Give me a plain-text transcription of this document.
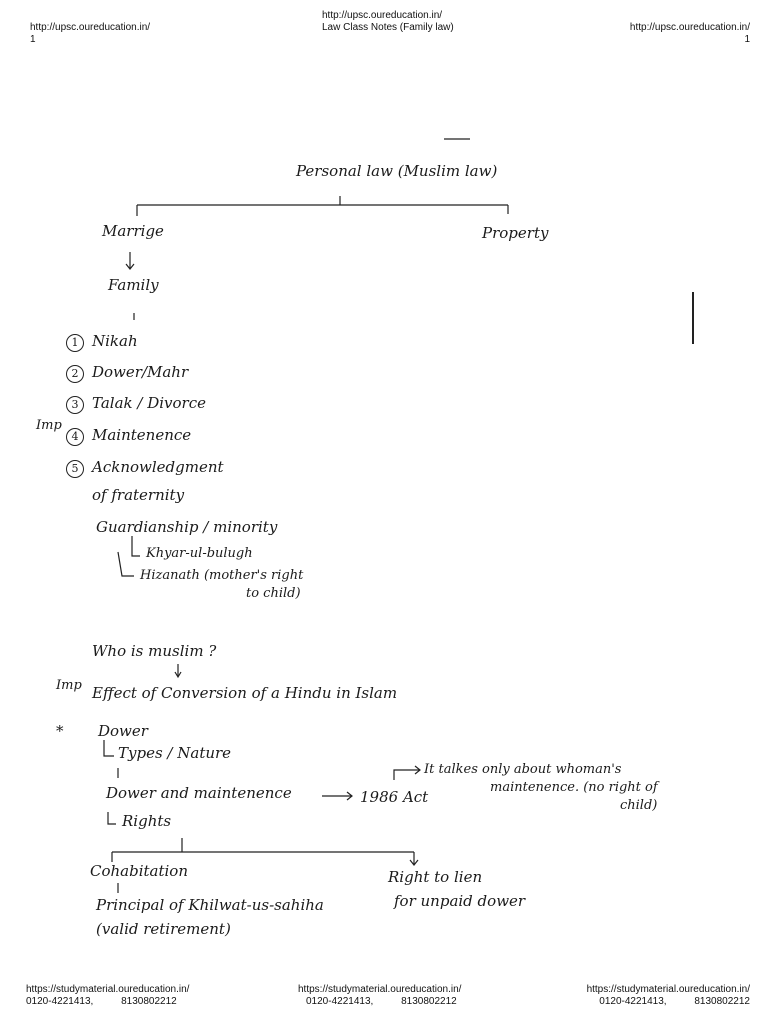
http://upsc.oureducation.in/
1
http://upsc.oureducation.in/
Law Class Notes (Family law)	http://upsc.oureducation.in/
1
Personal law (Muslim law)
Marrige	Property
Family
1 Nikah
2 Dower/Mahr
3 Talak / Divorce
Imp
4 Maintenence
5 Acknowledgment
of fraternity
Guardianship / minority
Khyar-ul-bulugh
Hizanath (mother's right
to child)
Who is muslim ?
Imp Effect of Conversion of a Hindu in Islam
* Dower
Types / Nature
Dower and maintenence	1986 Act
It talkes only about whoman's
maintenence. (no right of
child)
Rights
Cohabitation
Principal of Khilwat-us-sahiha
(valid retirement)
Right to lien
for unpaid dower
https://studymaterial.oureducation.in/
0120-4221413,	8130802212
https://studymaterial.oureducation.in/
0120-4221413,	8130802212
https://studymaterial.oureducation.in/
0120-4221413,	8130802212
